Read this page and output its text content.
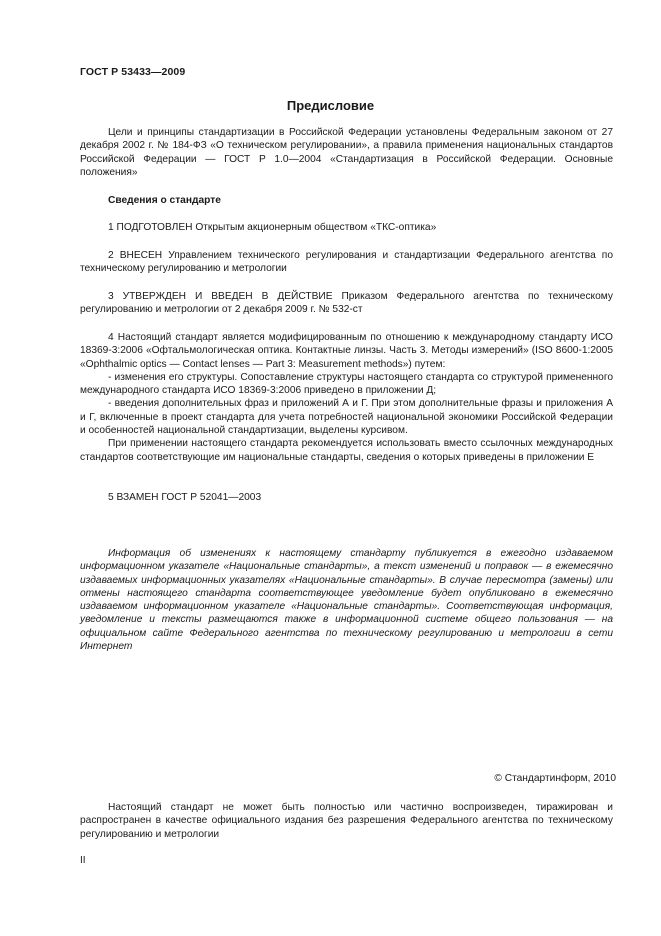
ГОСТ Р 53433—2009
Предисловие

Цели и принципы стандартизации в Российской Федерации установлены Федеральным законом от 27 декабря 2002 г. № 184-ФЗ «О техническом регулировании», а правила применения национальных стандартов Российской Федерации — ГОСТ Р 1.0—2004 «Стандартизация в Российской Федерации. Основные положения»

Сведения о стандарте

1 ПОДГОТОВЛЕН Открытым акционерным обществом «ТКС-оптика»

2 ВНЕСЕН Управлением технического регулирования и стандартизации Федерального агентства по техническому регулированию и метрологии

3 УТВЕРЖДЕН И ВВЕДЕН В ДЕЙСТВИЕ Приказом Федерального агентства по техническому регулированию и метрологии от 2 декабря 2009 г. № 532-ст

4 Настоящий стандарт является модифицированным по отношению к международному стандарту ИСО 18369-3:2006 «Офтальмологическая оптика. Контактные линзы. Часть 3. Методы измерений» (ISO 8600-1:2005 «Ophthalmic optics — Contact lenses — Part 3: Measurement methods») путем:

- изменения его структуры. Сопоставление структуры настоящего стандарта со структурой примененного международного стандарта ИСО 18369-3:2006 приведено в приложении Д;

- введения дополнительных фраз и приложений А и Г. При этом дополнительные фразы и приложения А и Г, включенные в проект стандарта для учета потребностей национальной экономики Российской Федерации и особенностей национальной стандартизации, выделены курсивом.

При применении настоящего стандарта рекомендуется использовать вместо ссылочных международных стандартов соответствующие им национальные стандарты, сведения о которых приведены в приложении Е

5 ВЗАМЕН ГОСТ Р 52041—2003

Информация об изменениях к настоящему стандарту публикуется в ежегодно издаваемом информационном указателе «Национальные стандарты», а текст изменений и поправок — в ежемесячно издаваемых информационных указателях «Национальные стандарты». В случае пересмотра (замены) или отмены настоящего стандарта соответствующее уведомление будет опубликовано в ежемесячно издаваемом информационном указателе «Национальные стандарты». Соответствующая информация, уведомление и тексты размещаются также в информационной системе общего пользования — на официальном сайте Федерального агентства по техническому регулированию и метрологии в сети Интернет

© Стандартинформ, 2010

Настоящий стандарт не может быть полностью или частично воспроизведен, тиражирован и распространен в качестве официального издания без разрешения Федерального агентства по техническому регулированию и метрологии

II
